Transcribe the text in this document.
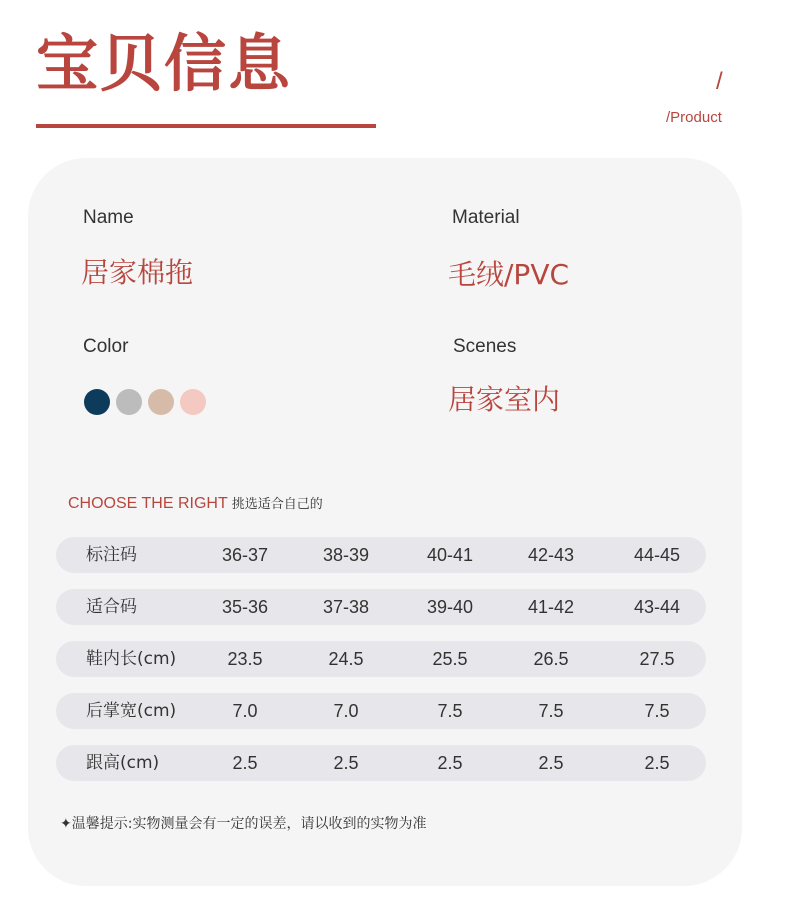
宝贝信息	/
/Product
Name
居家棉拖
Material
毛绒/PVC
Color	Scenes
居家室内
CHOOSE THE RIGHT 挑选适合自己的
标注码	36-37	38-39	40-41	42-43	44-45
适合码	35-36	37-38	39-40	41-42	43-44
鞋内长(cm)	23.5	24.5	25.5	26.5	27.5
后掌宽(cm)	7.0	7.0	7.5	7.5	7.5
跟高(cm)	2.5	2.5	2.5	2.5	2.5
✦温馨提示:实物测量会有一定的误差，请以收到的实物为准
